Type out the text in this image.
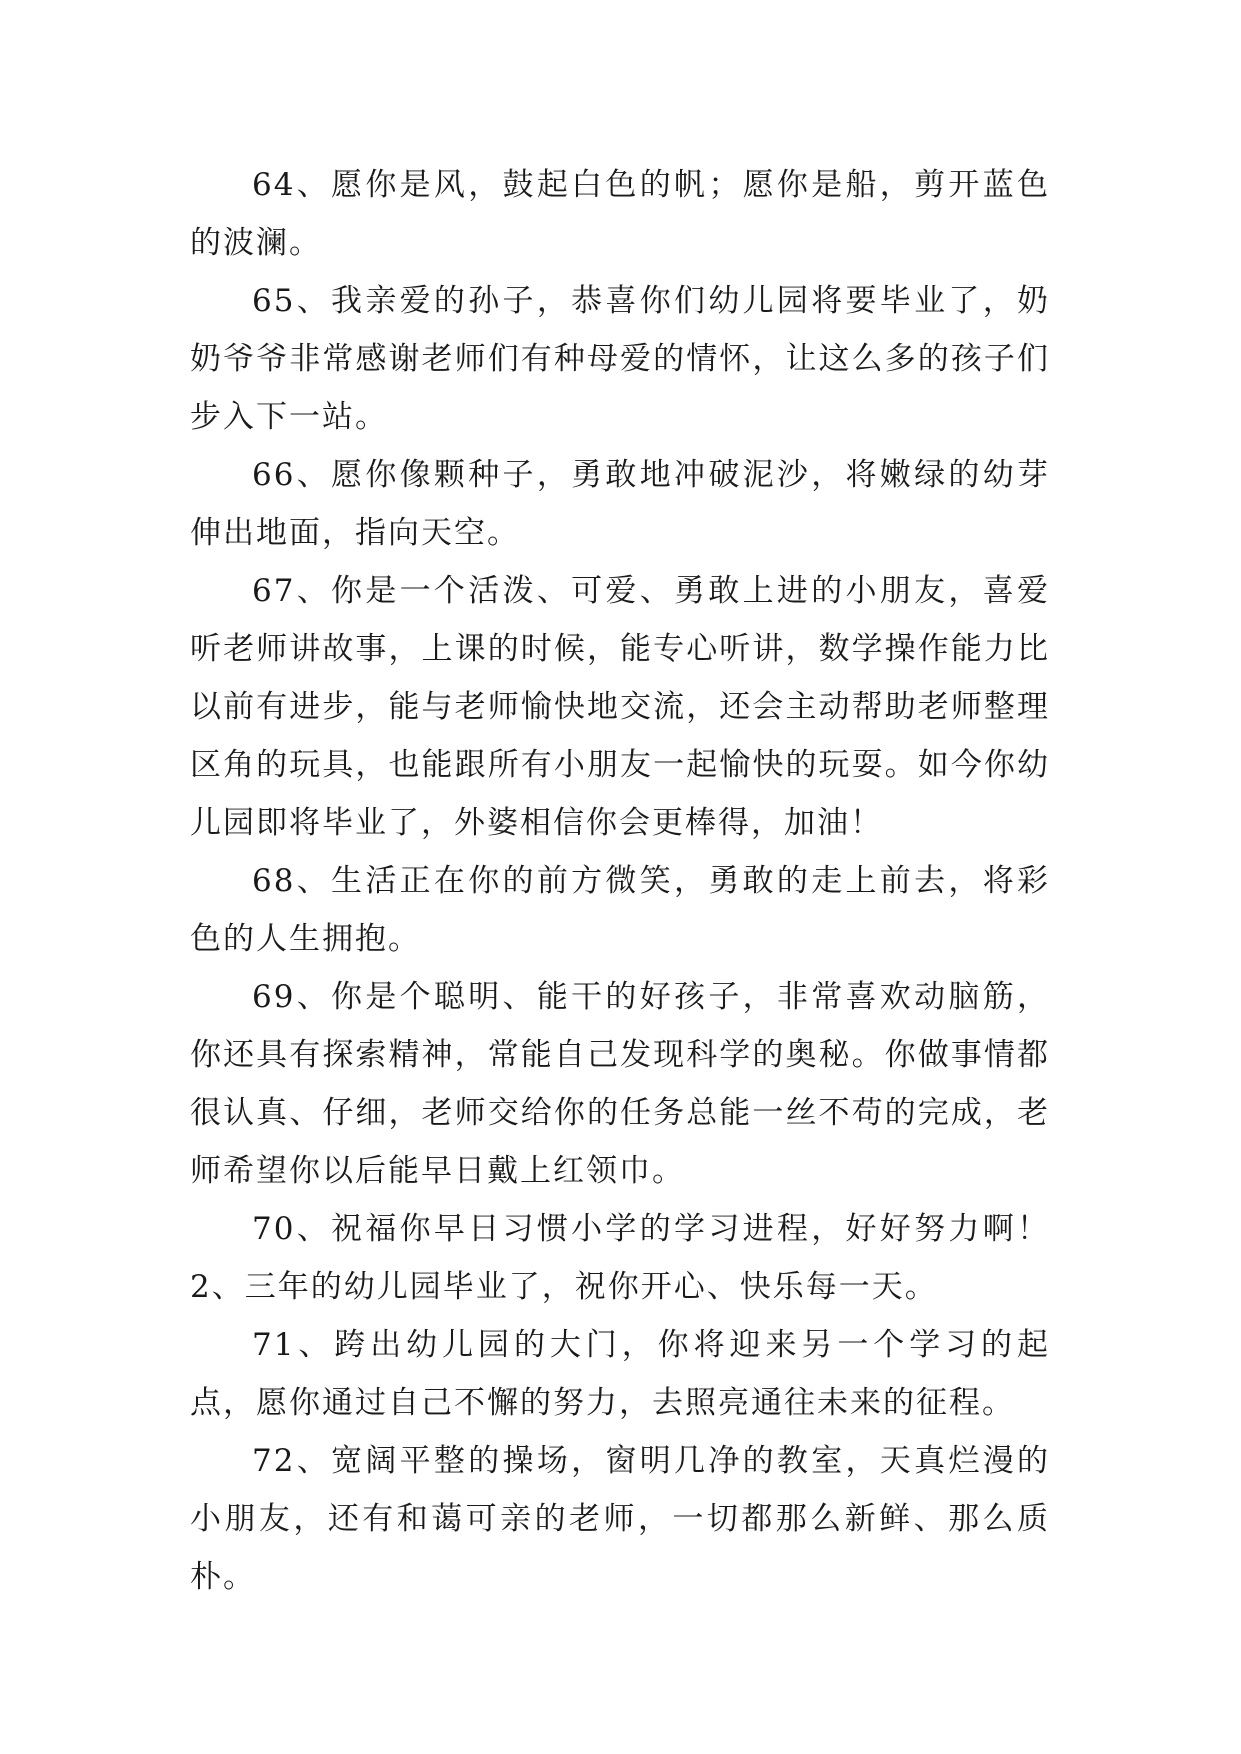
64、愿你是风，鼓起白色的帆；愿你是船，剪开蓝色的波澜。

65、我亲爱的孙子，恭喜你们幼儿园将要毕业了，奶奶爷爷非常感谢老师们有种母爱的情怀，让这么多的孩子们步入下一站。

66、愿你像颗种子，勇敢地冲破泥沙，将嫩绿的幼芽伸出地面，指向天空。

67、你是一个活泼、可爱、勇敢上进的小朋友，喜爱听老师讲故事，上课的时候，能专心听讲，数学操作能力比以前有进步，能与老师愉快地交流，还会主动帮助老师整理区角的玩具，也能跟所有小朋友一起愉快的玩耍。如今你幼儿园即将毕业了，外婆相信你会更棒得，加油！

68、生活正在你的前方微笑，勇敢的走上前去，将彩色的人生拥抱。

69、你是个聪明、能干的好孩子，非常喜欢动脑筋，你还具有探索精神，常能自己发现科学的奥秘。你做事情都很认真、仔细，老师交给你的任务总能一丝不苟的完成，老师希望你以后能早日戴上红领巾。

70、祝福你早日习惯小学的学习进程，好好努力啊！2、三年的幼儿园毕业了，祝你开心、快乐每一天。

71、跨出幼儿园的大门，你将迎来另一个学习的起点，愿你通过自己不懈的努力，去照亮通往未来的征程。

72、宽阔平整的操场，窗明几净的教室，天真烂漫的小朋友，还有和蔼可亲的老师，一切都那么新鲜、那么质朴。
